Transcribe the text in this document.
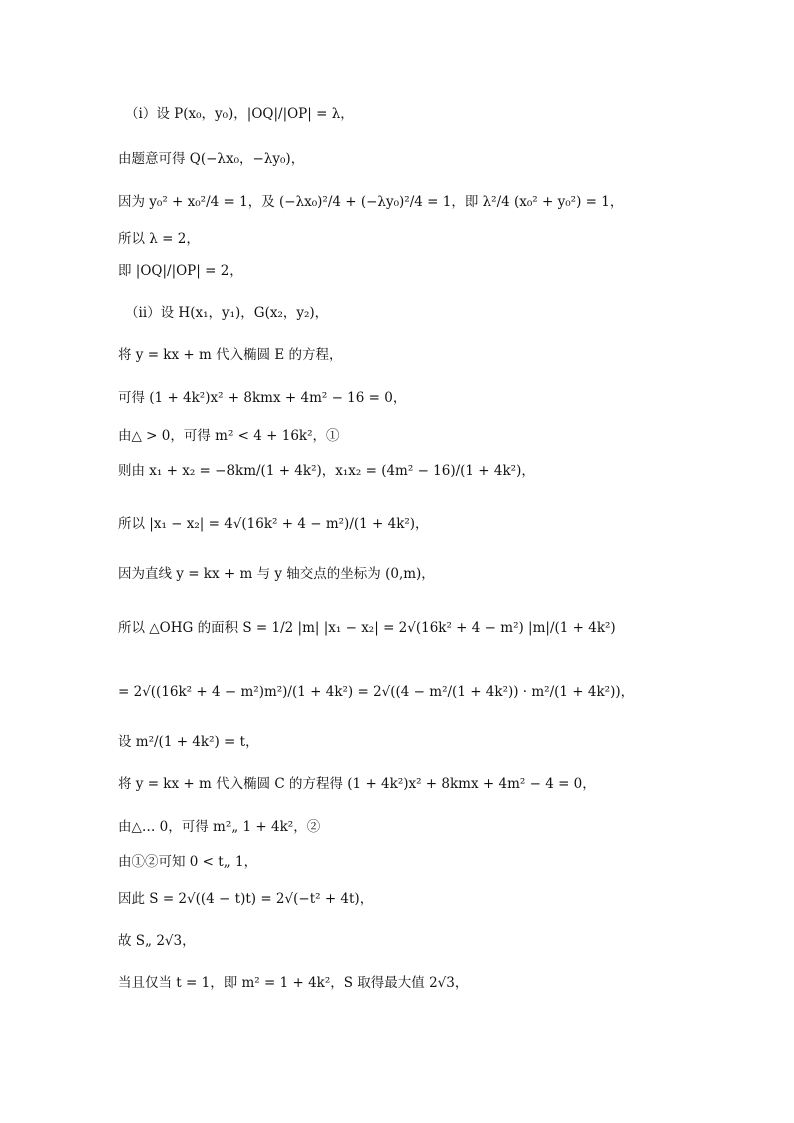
（ⅰ）设 P(x₀，y₀)，|OQ|/|OP| = λ，
由题意可得 Q(−λx₀，−λy₀)，
因为 y₀² + x₀²/4 = 1，及 (−λx₀)²/4 + (−λy₀)²/4 = 1，即 λ²/4 (x₀² + y₀²) = 1，
所以 λ = 2，
即 |OQ|/|OP| = 2，
（ⅱ）设 H(x₁，y₁)，G(x₂，y₂)，
将 y = kx + m 代入椭圆 E 的方程，
可得 (1 + 4k²)x² + 8kmx + 4m² − 16 = 0，
由△ > 0，可得 m² < 4 + 16k²，①
则由 x₁ + x₂ = −8km/(1 + 4k²)，x₁x₂ = (4m² − 16)/(1 + 4k²)，
所以 |x₁ − x₂| = 4√(16k² + 4 − m²)/(1 + 4k²)，
因为直线 y = kx + m 与 y 轴交点的坐标为 (0,m)，
所以 △OHG 的面积 S = 1/2 |m| |x₁ − x₂| = 2√(16k² + 4 − m²) |m|/(1 + 4k²)
= 2√((16k² + 4 − m²)m²)/(1 + 4k²) = 2√((4 − m²/(1 + 4k²)) · m²/(1 + 4k²))，
设 m²/(1 + 4k²) = t，
将 y = kx + m 代入椭圆 C 的方程得 (1 + 4k²)x² + 8kmx + 4m² − 4 = 0，
由△… 0，可得 m²„ 1 + 4k²，②
由①②可知 0 < t„ 1，
因此 S = 2√((4 − t)t) = 2√(−t² + 4t)，
故 S„ 2√3，
当且仅当 t = 1，即 m² = 1 + 4k²，S 取得最大值 2√3，
